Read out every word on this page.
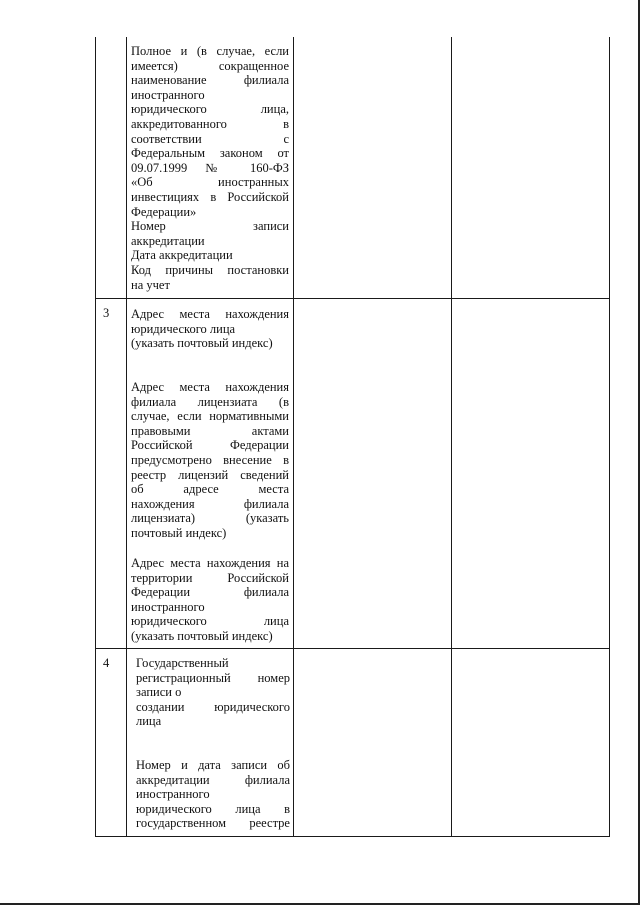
Полное и (в случае, если
имеется) сокращенное
наименование филиала
иностранного
юридического лица,
аккредитованного в
соответствии с
Федеральным законом от
09.07.1999 № 160-ФЗ
«Об иностранных
инвестициях в Российской
Федерации»
Номер записи
аккредитации
Дата аккредитации
Код причины постановки
на учет
3 Адрес места нахождения
юридического лица
(указать почтовый индекс)
Адрес места нахождения
филиала лицензиата (в
случае, если нормативными
правовыми актами
Российской Федерации
предусмотрено внесение в
реестр лицензий сведений
об адресе места
нахождения филиала
лицензиата) (указать
почтовый индекс)
Адрес места нахождения на
территории Российской
Федерации филиала
иностранного
юридического лица
(указать почтовый индекс)
4 Государственный
регистрационный номер
записи о
создании юридического
лица
Номер и дата записи об
аккредитации филиала
иностранного
юридического лица в
государственном реестре
